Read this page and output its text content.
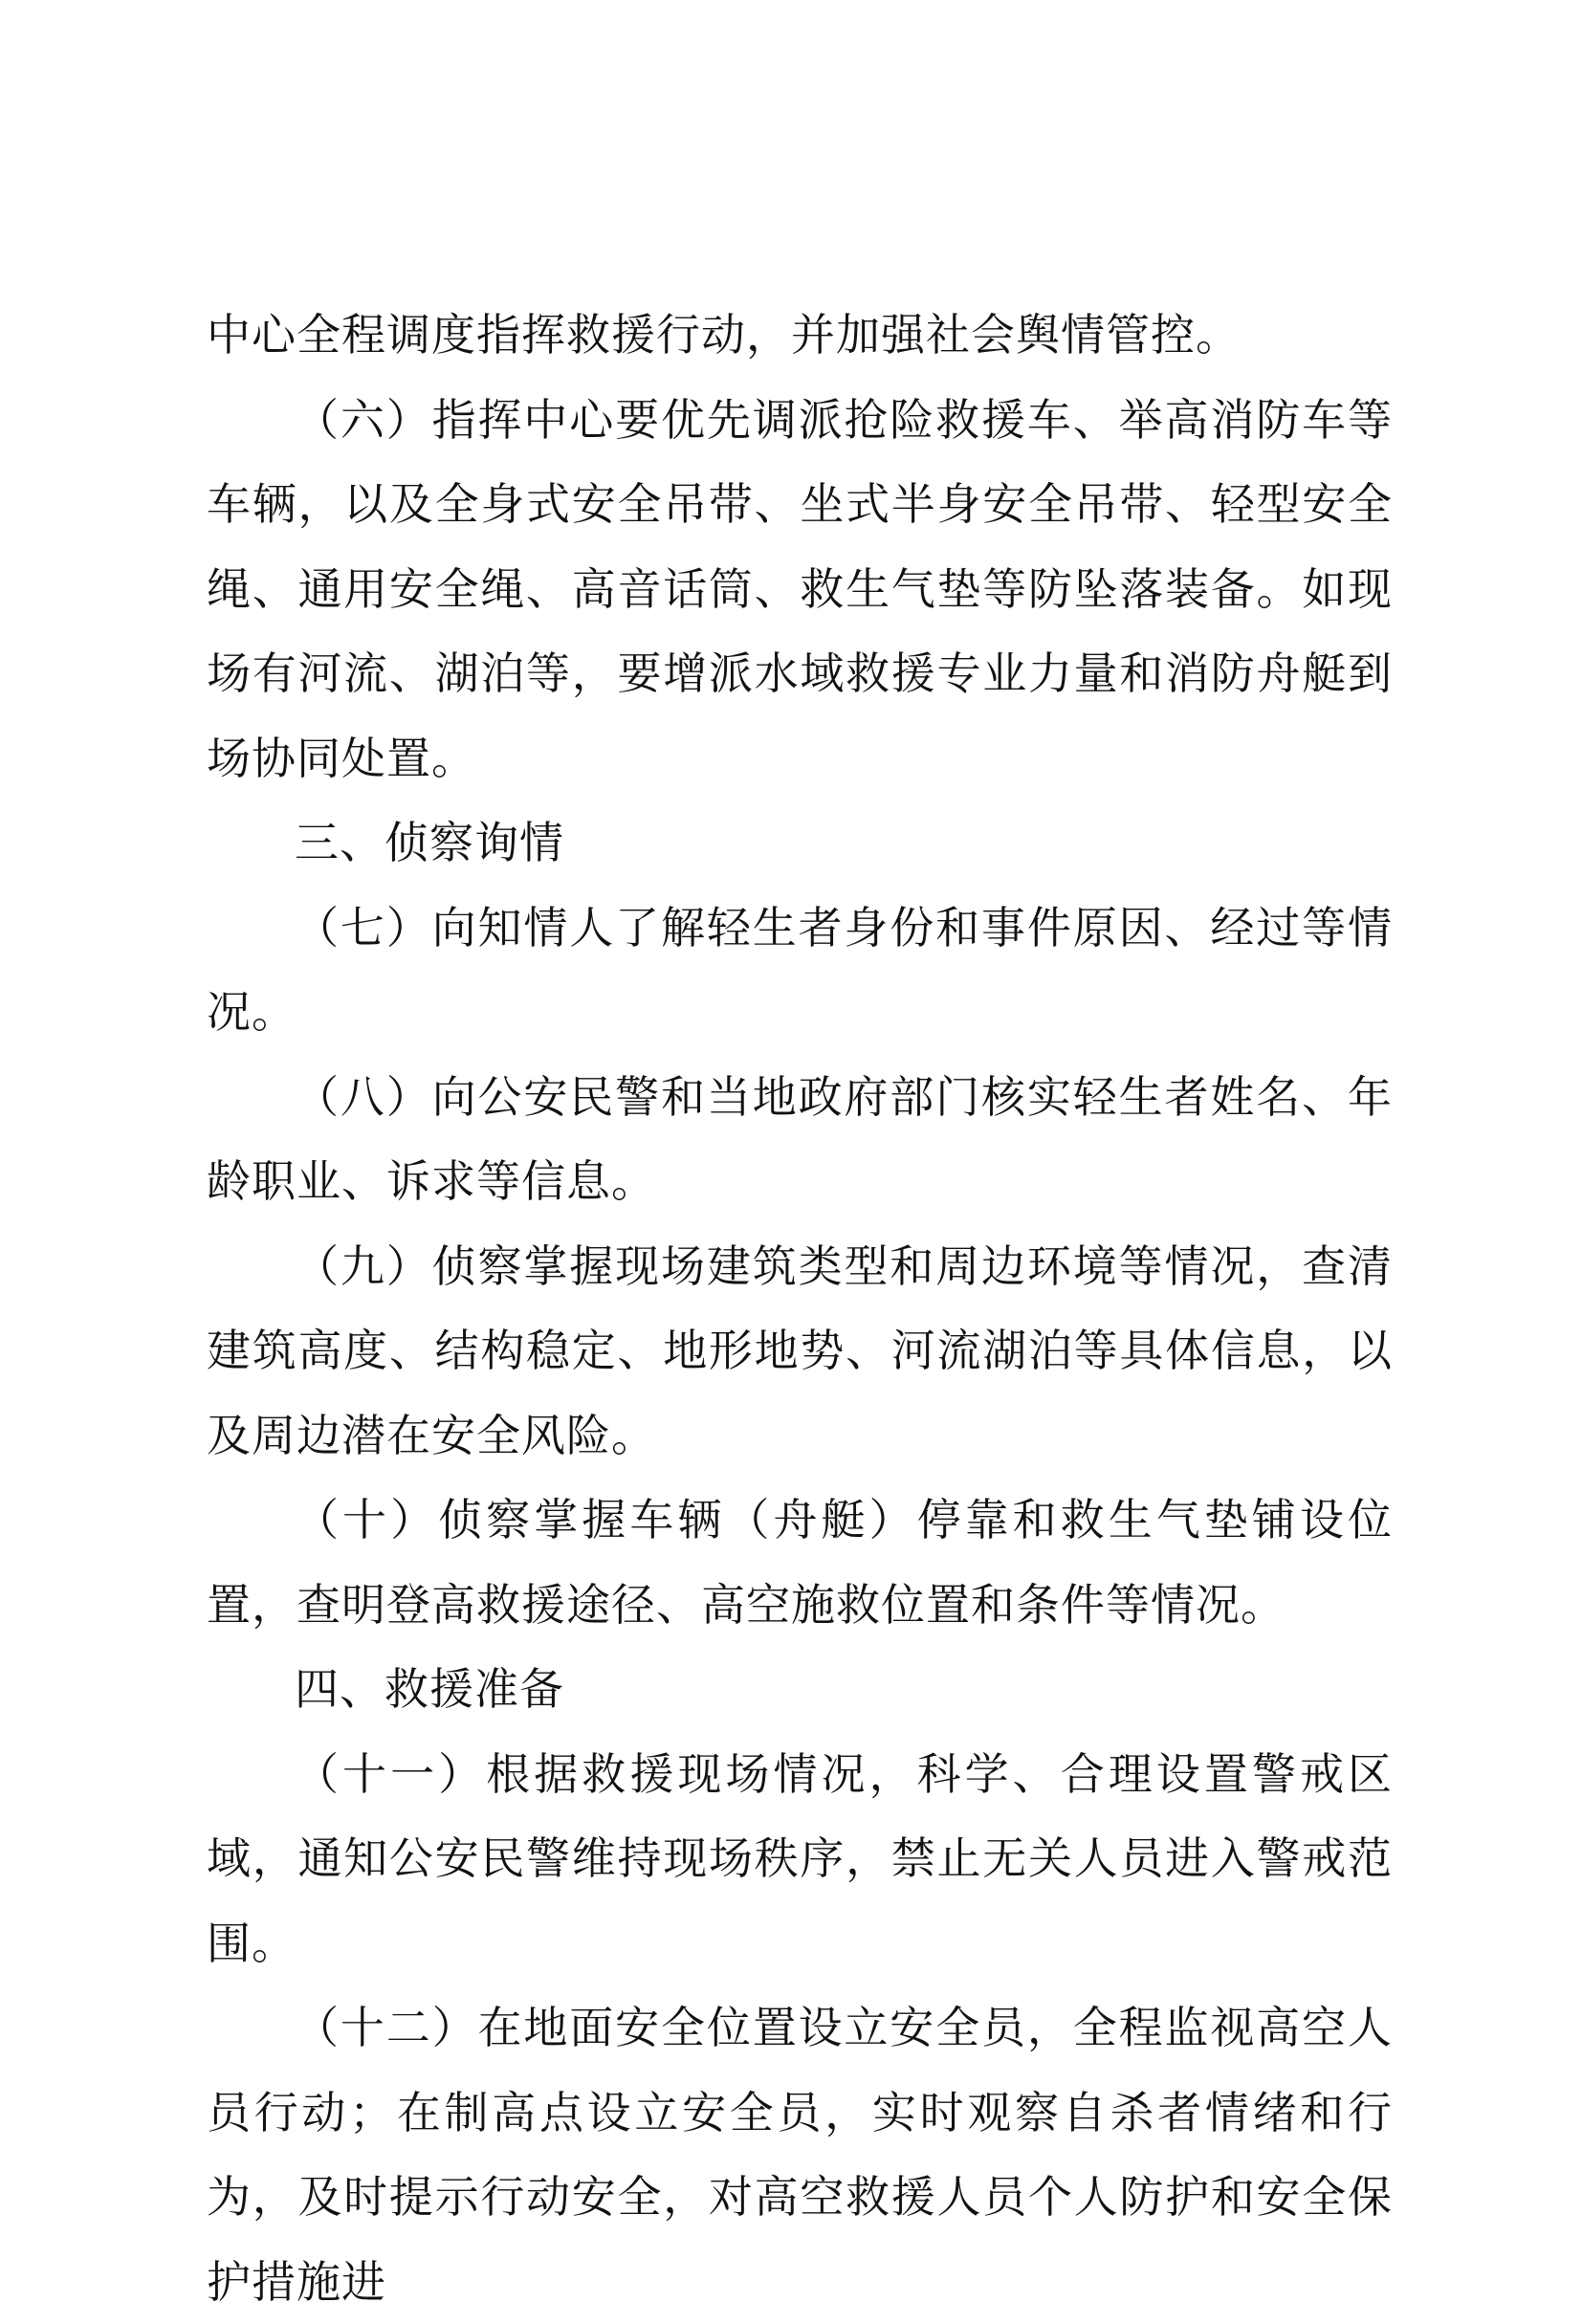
中心全程调度指挥救援行动，并加强社会舆情管控。

（六）指挥中心要优先调派抢险救援车、举高消防车等车辆，以及全身式安全吊带、坐式半身安全吊带、轻型安全绳、通用安全绳、高音话筒、救生气垫等防坠落装备。如现场有河流、湖泊等，要增派水域救援专业力量和消防舟艇到场协同处置。

三、侦察询情

（七）向知情人了解轻生者身份和事件原因、经过等情况。

（八）向公安民警和当地政府部门核实轻生者姓名、年龄职业、诉求等信息。

（九）侦察掌握现场建筑类型和周边环境等情况，查清建筑高度、结构稳定、地形地势、河流湖泊等具体信息，以及周边潜在安全风险。

（十）侦察掌握车辆（舟艇）停靠和救生气垫铺设位置，查明登高救援途径、高空施救位置和条件等情况。

四、救援准备

（十一）根据救援现场情况，科学、合理设置警戒区域，通知公安民警维持现场秩序，禁止无关人员进入警戒范围。

（十二）在地面安全位置设立安全员，全程监视高空人员行动；在制高点设立安全员，实时观察自杀者情绪和行为，及时提示行动安全，对高空救援人员个人防护和安全保护措施进
